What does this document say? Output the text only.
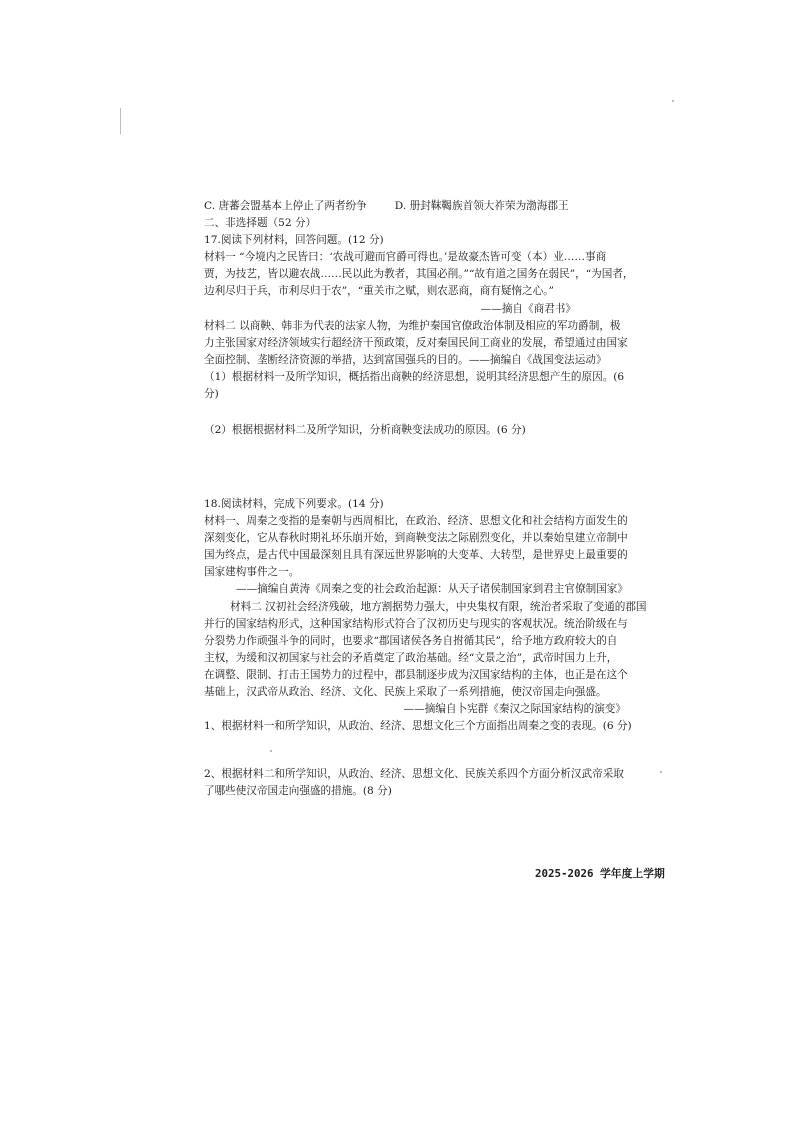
C. 唐蕃会盟基本上停止了两者纷争	D. 册封靺鞨族首领大祚荣为渤海郡王
二、非选择题（52 分）
17.阅读下列材料，回答问题。(12 分)
材料一 “今境内之民皆曰：‘农战可避而官爵可得也。’是故豪杰皆可变（本）业……事商
贾，为技艺，皆以避农战……民以此为教者，其国必削。”“故有道之国务在弱民”，“为国者，
边利尽归于兵，市利尽归于农”，“重关市之赋，则农恶商，商有疑惰之心。”
——摘自《商君书》
材料二 以商鞅、韩非为代表的法家人物，为维护秦国官僚政治体制及相应的军功爵制，极
力主张国家对经济领域实行超经济干预政策，反对秦国民间工商业的发展，希望通过由国家
全面控制、垄断经济资源的举措，达到富国强兵的目的。——摘编自《战国变法运动》
（1）根据材料一及所学知识，概括指出商鞅的经济思想，说明其经济思想产生的原因。(6
分)
（2）根据根据材料二及所学知识，分析商鞅变法成功的原因。(6 分)
18.阅读材料，完成下列要求。(14 分)
材料一、周秦之变指的是秦朝与西周相比，在政治、经济、思想文化和社会结构方面发生的
深刻变化，它从春秋时期礼坏乐崩开始，到商鞅变法之际剧烈变化，并以秦始皇建立帝制中
国为终点，是古代中国最深刻且具有深远世界影响的大变革、大转型，是世界史上最重要的
国家建构事件之一。
——摘编自黄涛《周秦之变的社会政治起源：从天子诸侯制国家到君主官僚制国家》
材料二 汉初社会经济残破，地方割据势力强大，中央集权有限，统治者采取了变通的郡国
并行的国家结构形式，这种国家结构形式符合了汉初历史与现实的客观状况。统治阶级在与
分裂势力作顽强斗争的同时，也要求“郡国诸侯各务自拊循其民”，给予地方政府较大的自
主权，为缓和汉初国家与社会的矛盾奠定了政治基础。经“文景之治”，武帝时国力上升，
在调整、限制、打击王国势力的过程中，郡县制逐步成为汉国家结构的主体，也正是在这个
基础上，汉武帝从政治、经济、文化、民族上采取了一系列措施，使汉帝国走向强盛。
——摘编自卜宪群《秦汉之际国家结构的演变》
1、根据材料一和所学知识，从政治、经济、思想文化三个方面指出周秦之变的表现。(6 分)
2、根据材料二和所学知识，从政治、经济、思想文化、民族关系四个方面分析汉武帝采取
了哪些使汉帝国走向强盛的措施。(8 分)
2025-2026 学年度上学期
